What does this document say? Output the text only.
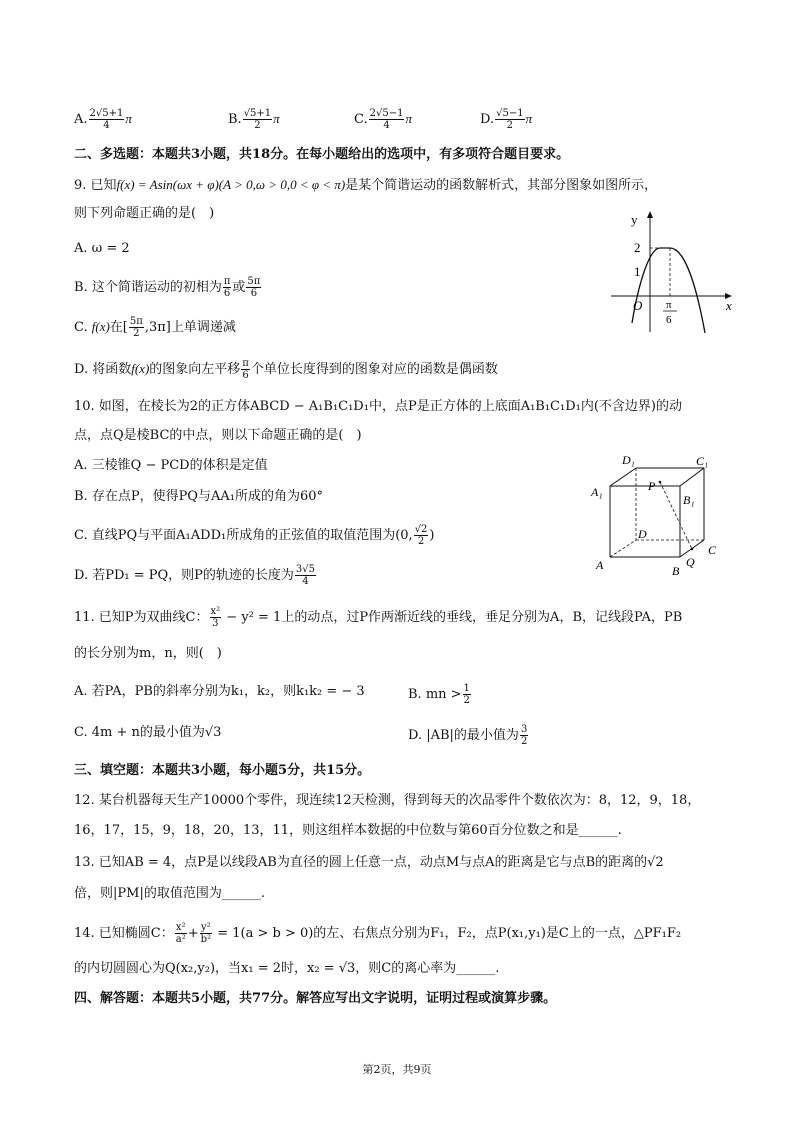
A. $\frac{2√5+1}{4}$ π	B. $\frac{√5+1}{2}$ π	C. $\frac{2√5-1}{4}$ π	D. $\frac{√5-1}{2}$ π
二、多选题：本题共3小题，共18分。在每小题给出的选项中，有多项符合题目要求。
9. 已知f(x) = Asin(ωx + φ)(A > 0,ω > 0,0 < φ < π)是某个简谐运动的函数解析式，其部分图象如图所示，
则下列命题正确的是(　)
A. ω = 2
B. 这个简谐运动的初相为 $\frac{\pi}{6}$ 或 $\frac{5\pi}{6}$
C. f(x)在[ $\frac{5\pi}{2} ,3\pi$]上单调递减
D. 将函数f(x)的图象向左平移 $\frac{\pi}{6}$ 个单位长度得到的图象对应的函数是偶函数
y
x
2
1
O π
6
10. 如图，在棱长为2的正方体ABCD − A₁B₁C₁D₁中，点P是正方体的上底面A₁B₁C₁D₁内(不含边界)的动
点，点Q是棱BC的中点，则以下命题正确的是(　)
A. 三棱锥Q − PCD的体积是定值
B. 存在点P，使得PQ与AA₁所成的角为60°
C. 直线PQ与平面A₁ADD₁所成角的正弦值的取值范围为(0, $\frac{√2}{2}$ )
D. 若PD₁ = PQ，则P的轨迹的长度为 $\frac{3√5}{4}$
D₁	C₁
A₁
B₁
P
D
C
A	B
Q
11. 已知P为双曲线C： $\frac{\text{x²}}{3} - y^2 = 1$上的动点，过P作两渐近线的垂线，垂足分别为A，B，记线段PA，PB
的长分别为m，n，则(　)
A. 若PA，PB的斜率分别为k₁，k₂，则k₁k₂ = − 3	B. mn > $\frac{1}{2}$
C. 4m + n的最小值为√3	D. |AB|的最小值为 $\frac{3}{2}$
三、填空题：本题共3小题，每小题5分，共15分。
12. 某台机器每天生产10000个零件，现连续12天检测，得到每天的次品零件个数依次为：8，12，9，18，
16，17，15，9，18，20，13，11，则这组样本数据的中位数与第60百分位数之和是______.
13. 已知AB = 4，点P是以线段AB为直径的圆上任意一点，动点M与点A的距离是它与点B的距离的√2
倍，则|PM|的取值范围为______.
14. 已知椭圆C： $\frac{\text{x²}}{\text{a²}} + \frac{\text{y²}}{\text{b²}} = 1(a > b > 0)$的左、右焦点分别为F₁，F₂，点P(x₁,y₁)是C上的一点，△PF₁F₂
的内切圆圆心为Q(x₂,y₂)，当x₁ = 2时，x₂ = √3，则C的离心率为______.
四、解答题：本题共5小题，共77分。解答应写出文字说明，证明过程或演算步骤。
第2页，共9页
